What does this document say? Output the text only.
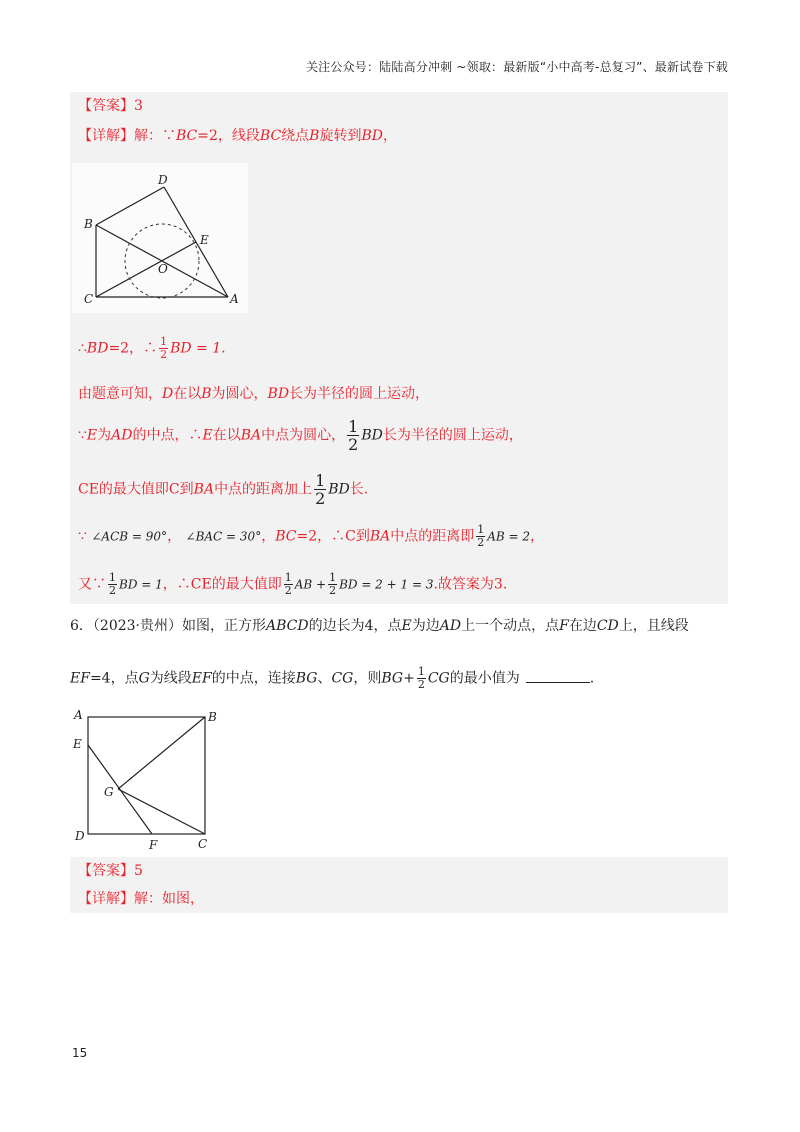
关注公众号：陆陆高分冲刺 ~领取：最新版“小中高考-总复习”、最新试卷下载
【答案】3
【详解】解：∵BC=2，线段BC绕点B旋转到BD，
∴BD=2，∴ $\frac{1}{2}$ BD = 1.
由题意可知，D在以B为圆心，BD长为半径的圆上运动，
∵E为AD的中点，∴E在以BA中点为圆心， $\frac{1}{2}$ BD长为半径的圆上运动，
CE的最大值即C到BA中点的距离加上 $\frac{1}{2}$ BD长.
∵ ∠ACB = 90°， ∠BAC = 30°，BC=2，∴C到BA中点的距离即 $\frac{1}{2}$ AB = 2，
又∵ $\frac{1}{2}$ BD = 1，∴CE的最大值即 $\frac{1}{2}$ AB + $\frac{1}{2}$ BD = 2 + 1 = 3.故答案为3.
D
B
E
O
C	A
6．（2023·贵州）如图，正方形ABCD的边长为4，点E为边AD上一个动点，点F在边CD上，且线段
EF=4，点G为线段EF的中点，连接BG、CG，则$BG+ \frac{1}{2}$ CG的最小值为	.
A	B
E
G
D
F	C
【答案】5
【详解】解：如图，
15
